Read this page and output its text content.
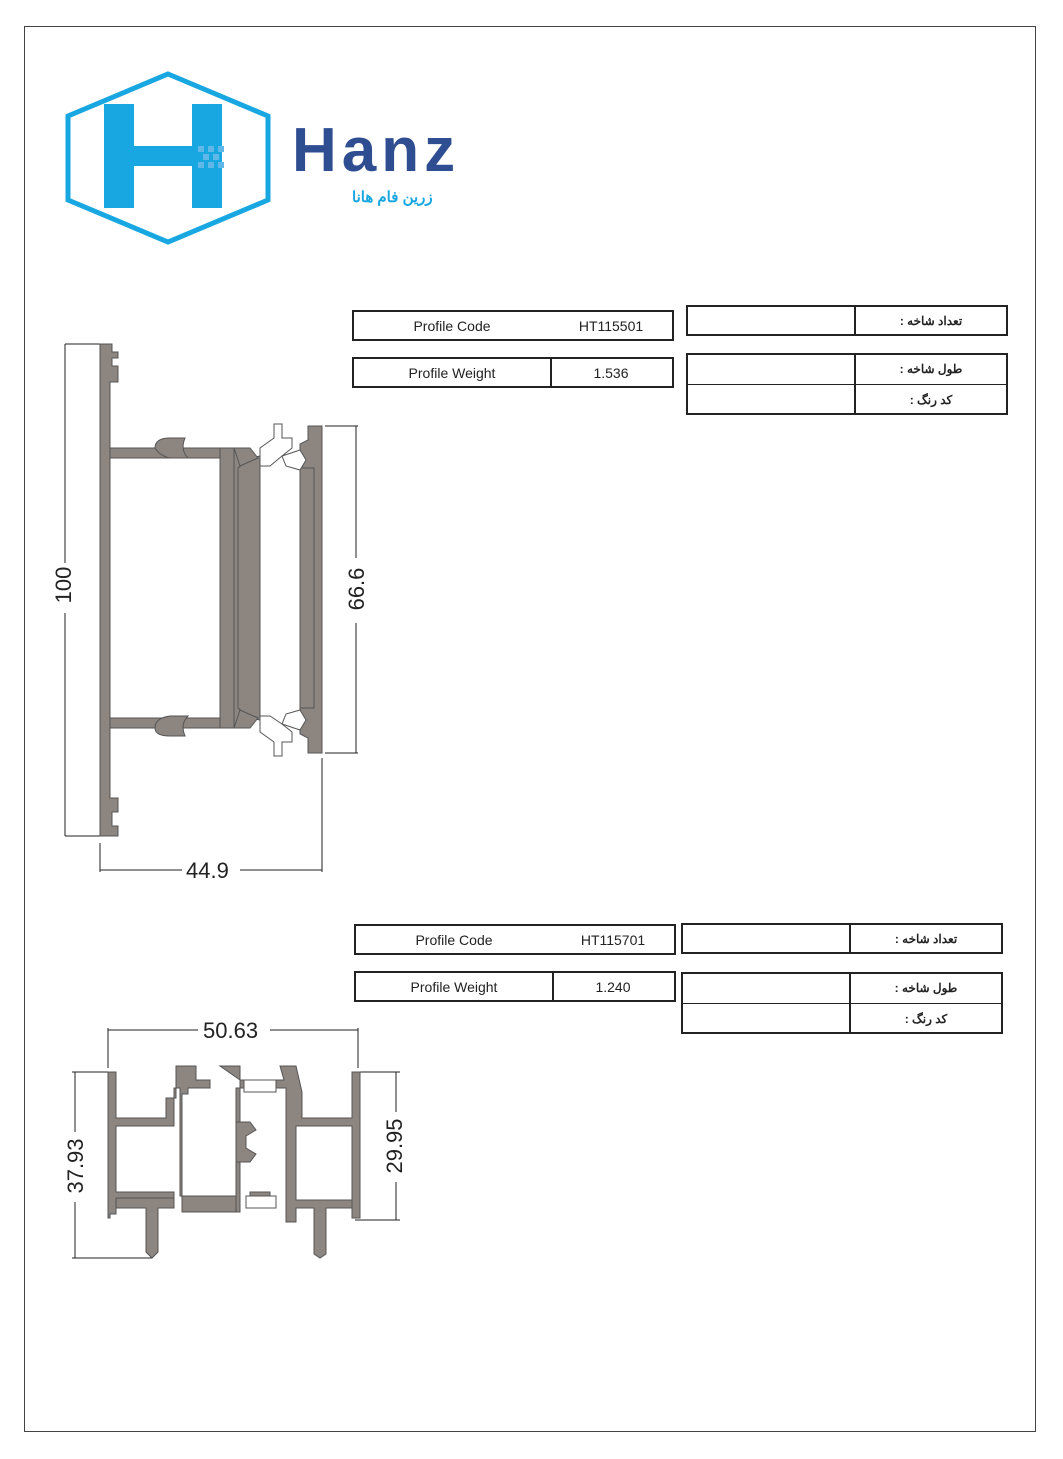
Hanz
زرین فام هانا
Profile Code	HT115501
Profile Weight	1.536
تعداد شاخه :
طول شاخه :
کد رنگ :
100	66.6
44.9
Profile Code	HT115701
Profile Weight	1.240
تعداد شاخه :
طول شاخه :
کد رنگ :
50.63
37.93	29.95
